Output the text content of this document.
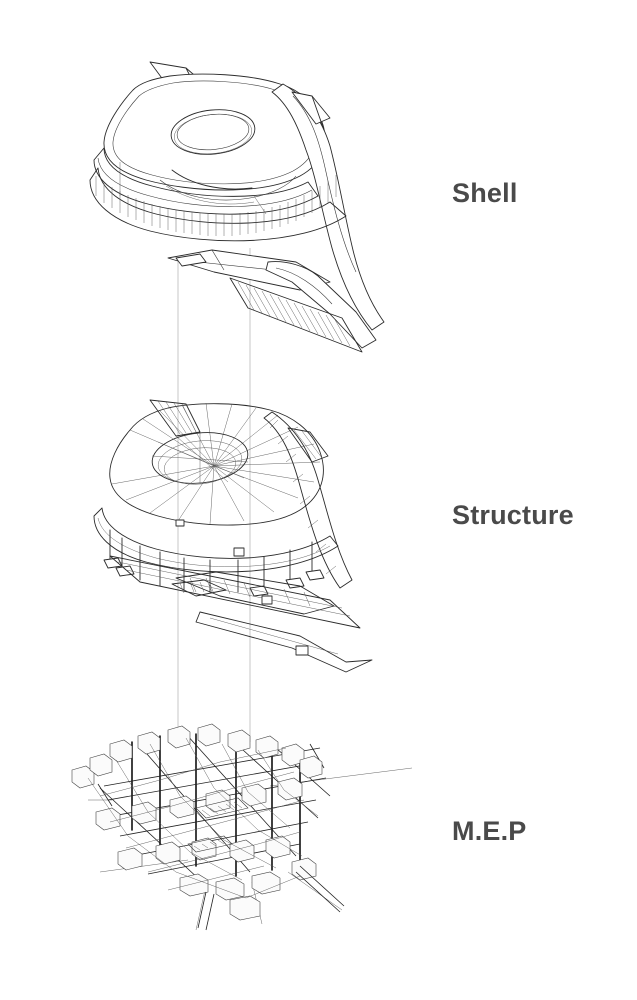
Shell
Structure
M.E.P
